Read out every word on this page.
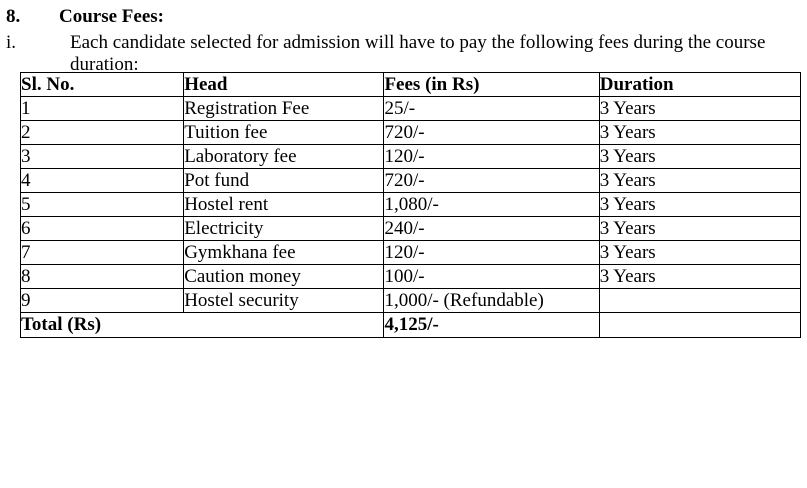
8. Course Fees:
i.	Each candidate selected for admission will have to pay the following fees during the course duration:
Sl. No.	Head	Fees (in Rs)	Duration
1	Registration Fee	25/-	3 Years
2	Tuition fee	720/-	3 Years
3	Laboratory fee	120/-	3 Years
4	Pot fund	720/-	3 Years
5	Hostel rent	1,080/-	3 Years
6	Electricity	240/-	3 Years
7	Gymkhana fee	120/-	3 Years
8	Caution money	100/-	3 Years
9	Hostel security	1,000/- (Refundable)	
Total (Rs)		4,125/-	
